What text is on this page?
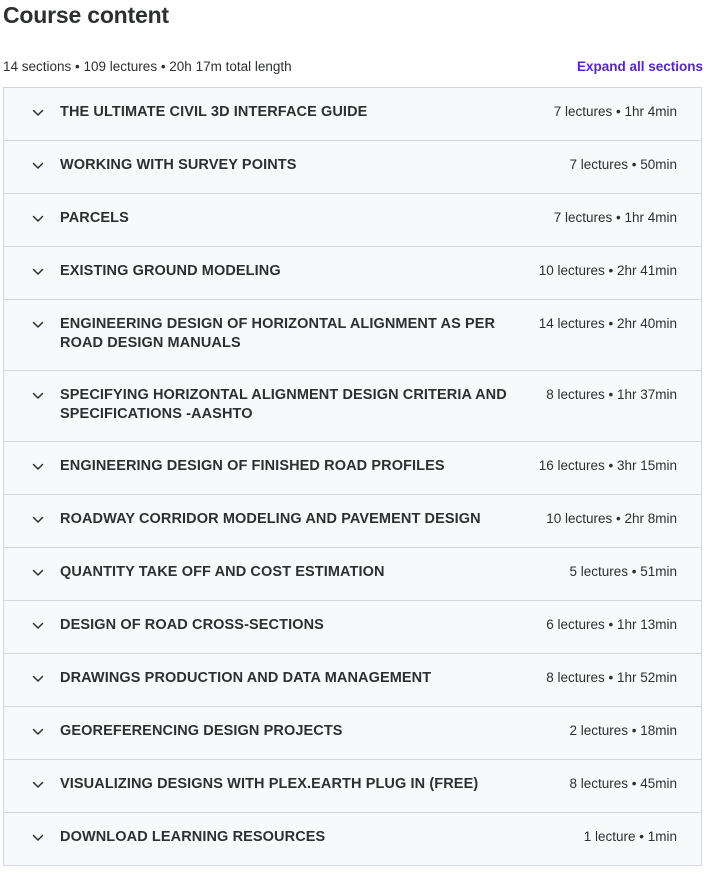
Course content
14 sections • 109 lectures • 20h 17m total length	Expand all sections
THE ULTIMATE CIVIL 3D INTERFACE GUIDE	7 lectures • 1hr 4min
WORKING WITH SURVEY POINTS	7 lectures • 50min
PARCELS	7 lectures • 1hr 4min
EXISTING GROUND MODELING	10 lectures • 2hr 41min
ENGINEERING DESIGN OF HORIZONTAL ALIGNMENT AS PER ROAD DESIGN MANUALS
14 lectures • 2hr 40min
SPECIFYING HORIZONTAL ALIGNMENT DESIGN CRITERIA AND SPECIFICATIONS -AASHTO
8 lectures • 1hr 37min
ENGINEERING DESIGN OF FINISHED ROAD PROFILES	16 lectures • 3hr 15min
ROADWAY CORRIDOR MODELING AND PAVEMENT DESIGN	10 lectures • 2hr 8min
QUANTITY TAKE OFF AND COST ESTIMATION	5 lectures • 51min
DESIGN OF ROAD CROSS-SECTIONS	6 lectures • 1hr 13min
DRAWINGS PRODUCTION AND DATA MANAGEMENT	8 lectures • 1hr 52min
GEOREFERENCING DESIGN PROJECTS	2 lectures • 18min
VISUALIZING DESIGNS WITH PLEX.EARTH PLUG IN (FREE)	8 lectures • 45min
DOWNLOAD LEARNING RESOURCES	1 lecture • 1min
